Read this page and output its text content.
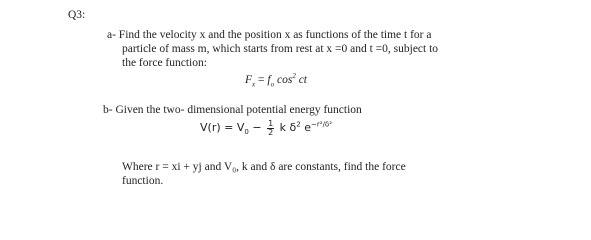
Q3:
a- Find the velocity x and the position x as functions of the time t for a
particle of mass m, which starts from rest at x =0 and t =0, subject to
the force function:
$F_x = f_o$ $\cos^2$ ct
b- Given the two- dimensional potential energy function
$V(r) = V_0 - \frac{1}{2}$ k $\delta^2$ $e^{-r^2/\delta^2}$
Where r = xi + yj and V₀, k and δ are constants, find the force
function.
